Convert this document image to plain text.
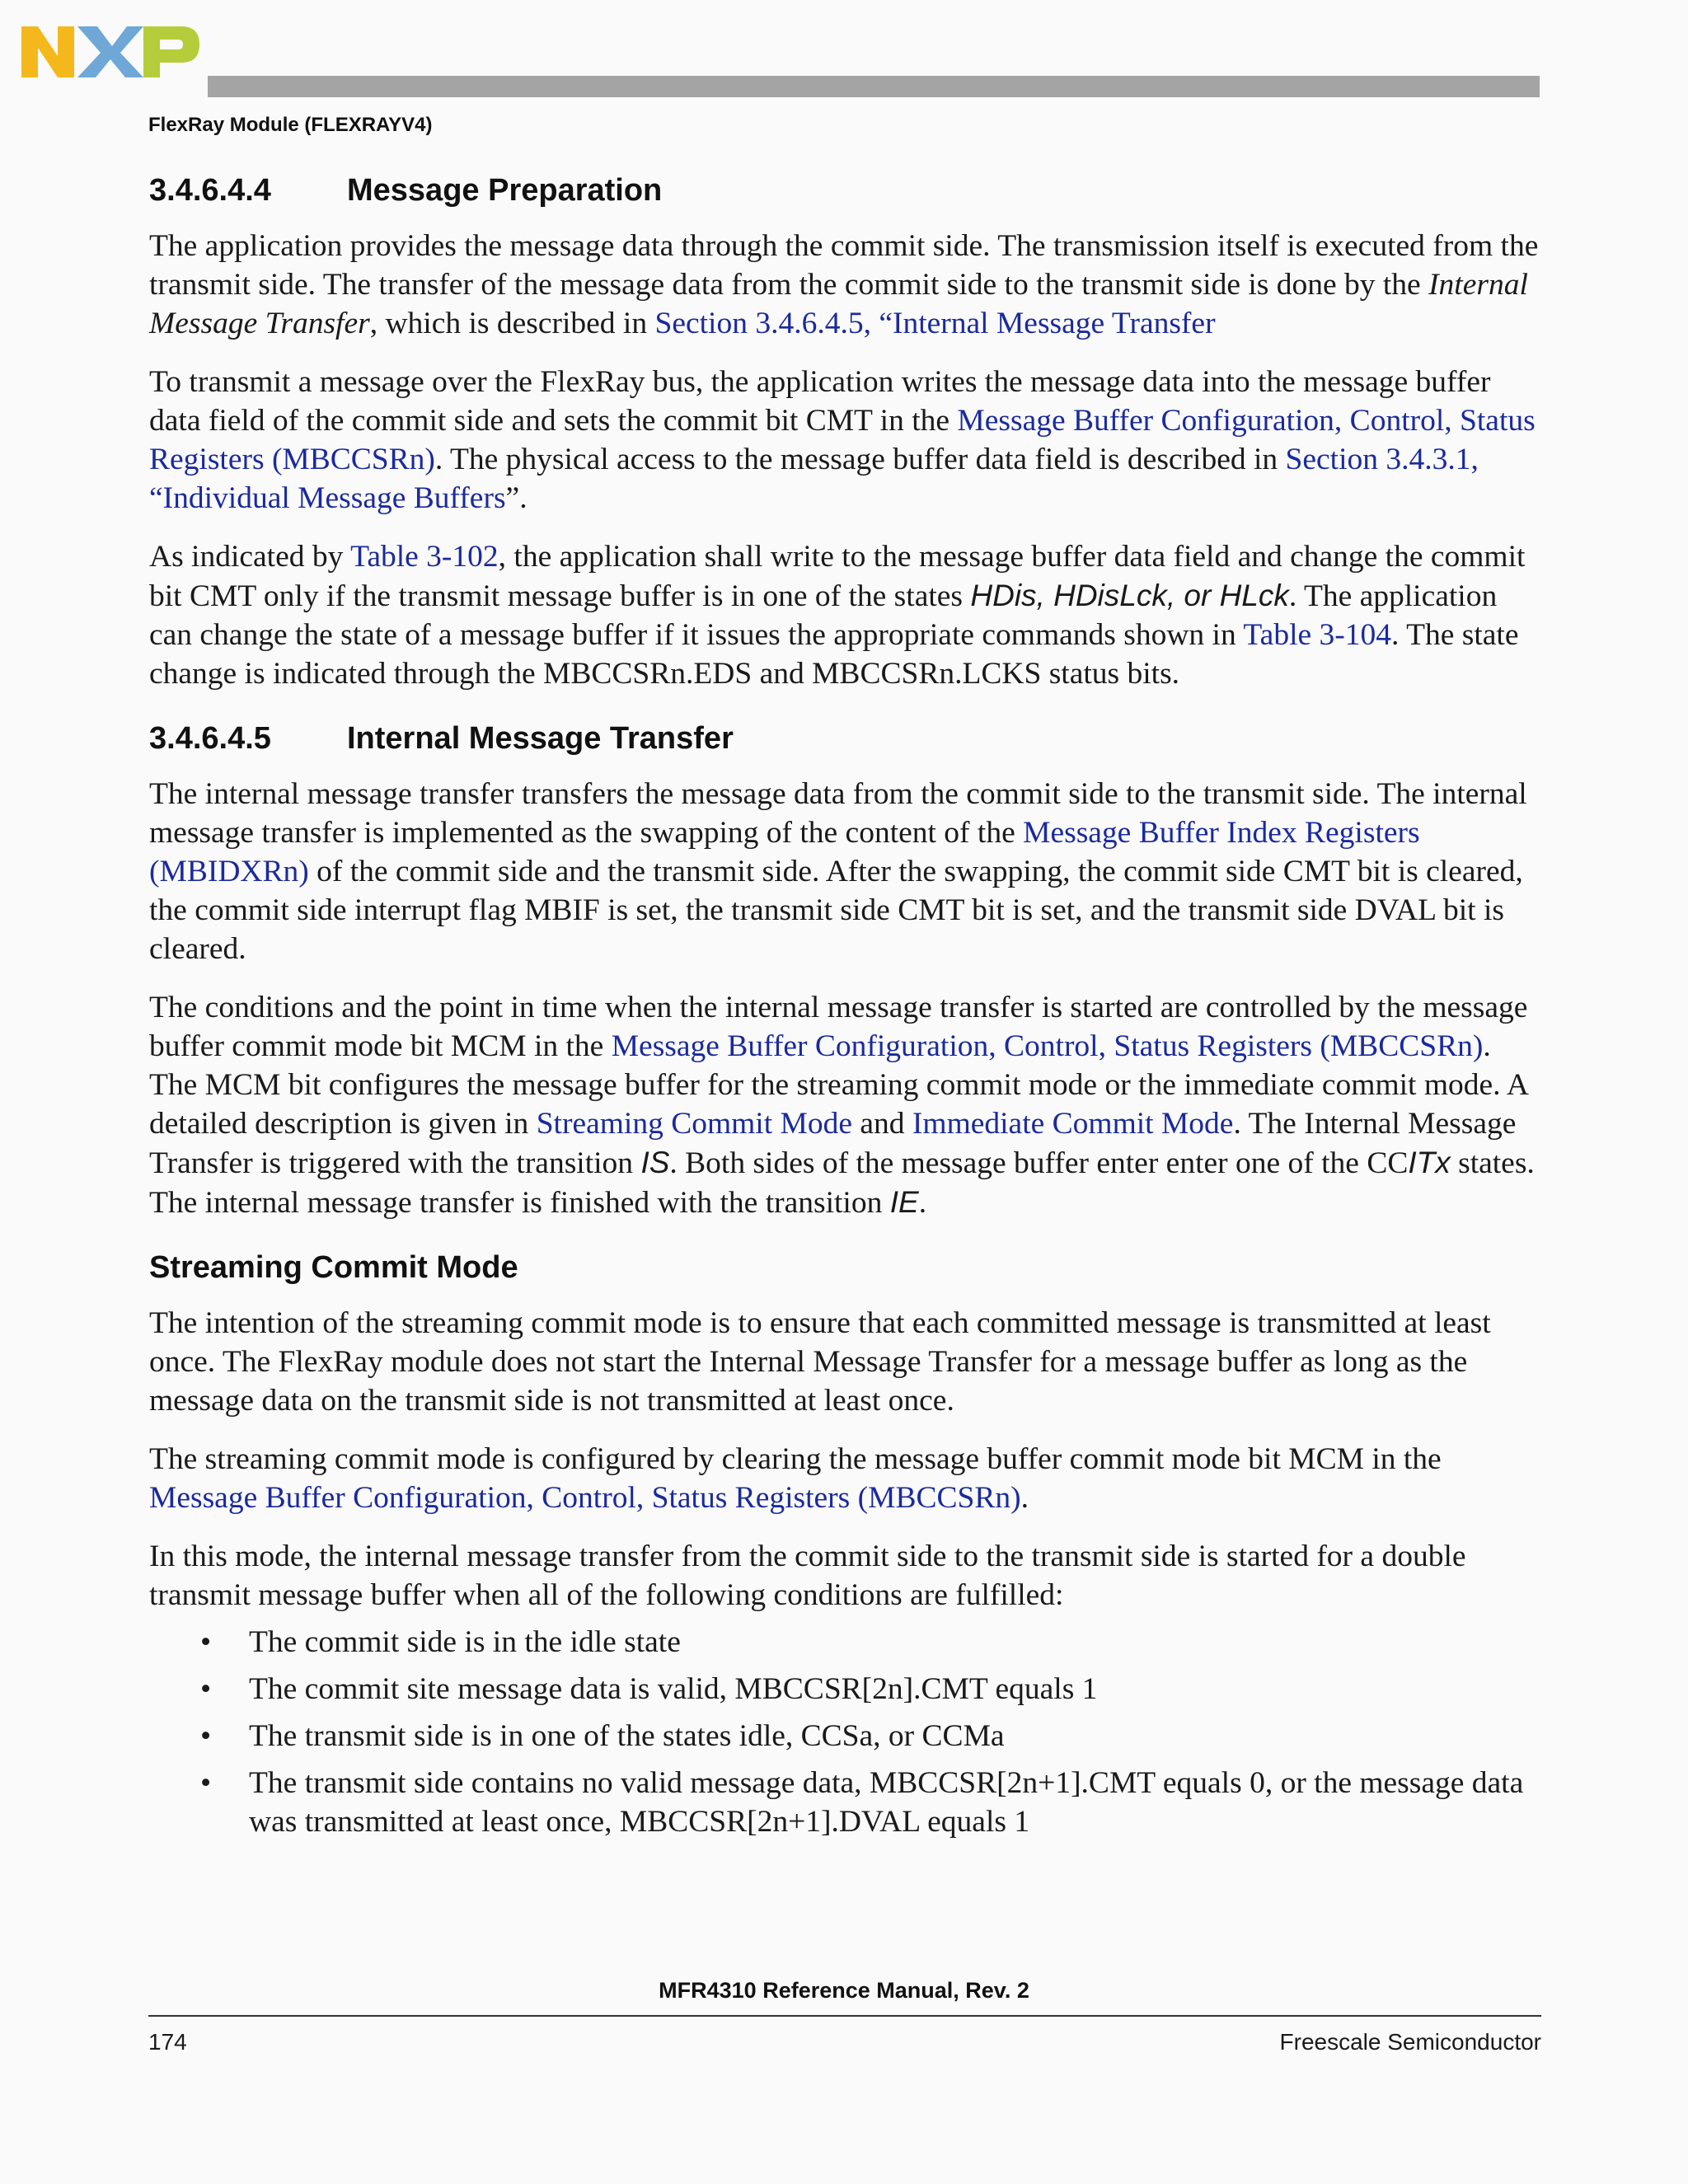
FlexRay Module (FLEXRAYV4)
3.4.6.4.4 Message Preparation

The application provides the message data through the commit side. The transmission itself is executed from the transmit side. The transfer of the message data from the commit side to the transmit side is done by the Internal Message Transfer, which is described in Section 3.4.6.4.5, “Internal Message Transfer

To transmit a message over the FlexRay bus, the application writes the message data into the message buffer data field of the commit side and sets the commit bit CMT in the Message Buffer Configuration, Control, Status Registers (MBCCSRn). The physical access to the message buffer data field is described in Section 3.4.3.1, “Individual Message Buffers”.

As indicated by Table 3-102, the application shall write to the message buffer data field and change the commit bit CMT only if the transmit message buffer is in one of the states HDis, HDisLck, or HLck. The application can change the state of a message buffer if it issues the appropriate commands shown in Table 3-104. The state change is indicated through the MBCCSRn.EDS and MBCCSRn.LCKS status bits.

3.4.6.4.5 Internal Message Transfer

The internal message transfer transfers the message data from the commit side to the transmit side. The internal message transfer is implemented as the swapping of the content of the Message Buffer Index Registers (MBIDXRn) of the commit side and the transmit side. After the swapping, the commit side CMT bit is cleared, the commit side interrupt flag MBIF is set, the transmit side CMT bit is set, and the transmit side DVAL bit is cleared.

The conditions and the point in time when the internal message transfer is started are controlled by the message buffer commit mode bit MCM in the Message Buffer Configuration, Control, Status Registers (MBCCSRn). The MCM bit configures the message buffer for the streaming commit mode or the immediate commit mode. A detailed description is given in Streaming Commit Mode and Immediate Commit Mode. The Internal Message Transfer is triggered with the transition IS. Both sides of the message buffer enter enter one of the CCITx states. The internal message transfer is finished with the transition IE.

Streaming Commit Mode

The intention of the streaming commit mode is to ensure that each committed message is transmitted at least once. The FlexRay module does not start the Internal Message Transfer for a message buffer as long as the message data on the transmit side is not transmitted at least once.

The streaming commit mode is configured by clearing the message buffer commit mode bit MCM in the Message Buffer Configuration, Control, Status Registers (MBCCSRn).

In this mode, the internal message transfer from the commit side to the transmit side is started for a double transmit message buffer when all of the following conditions are fulfilled:

• The commit side is in the idle state
• The commit site message data is valid, MBCCSR[2n].CMT equals 1
• The transmit side is in one of the states idle, CCSa, or CCMa
• The transmit side contains no valid message data, MBCCSR[2n+1].CMT equals 0, or the message data was transmitted at least once, MBCCSR[2n+1].DVAL equals 1
MFR4310 Reference Manual, Rev. 2
174	Freescale Semiconductor
